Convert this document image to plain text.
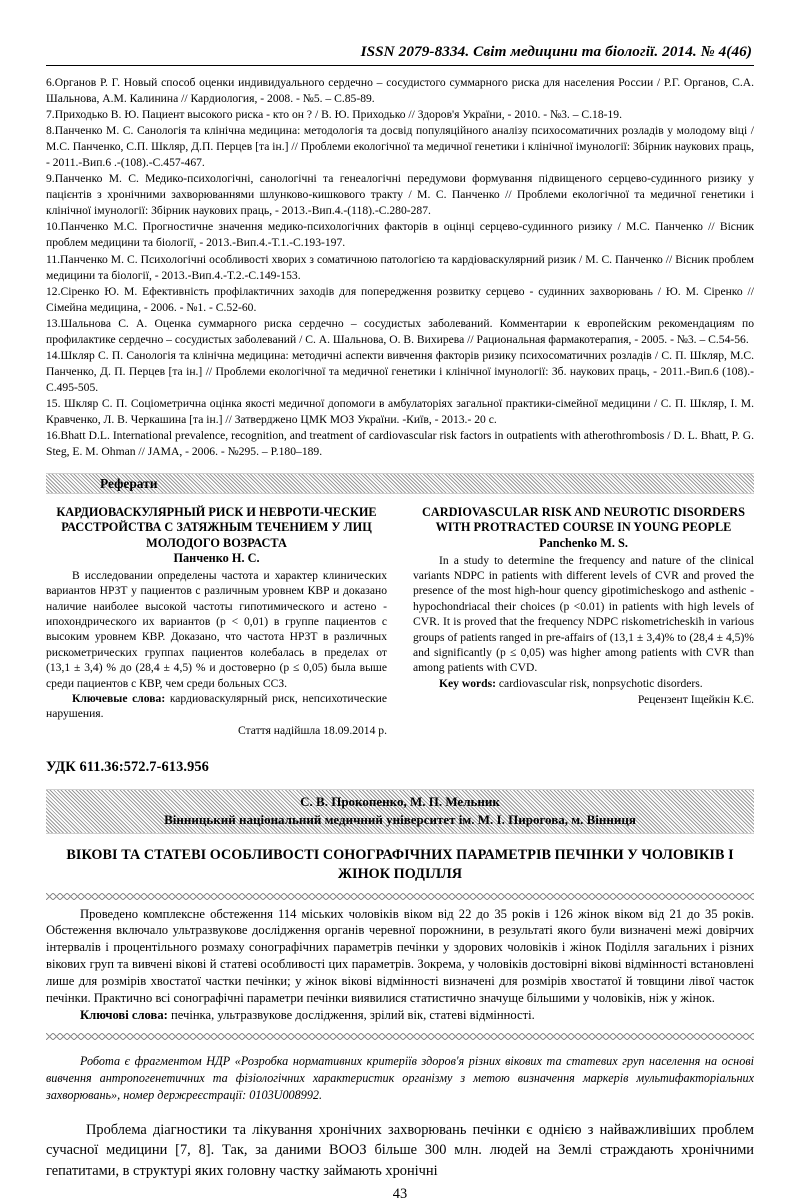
ISSN 2079-8334. Світ медицини та біології. 2014. № 4(46)

6.Органов Р. Г. Новый способ оценки индивидуального сердечно – сосудистого суммарного риска для населения России / Р.Г. Органов, С.А. Шальнова, А.М. Калинина // Кардиология, - 2008. - №5. – С.85-89.

7.Приходько В. Ю. Пациент высокого риска - кто он ? / В. Ю. Приходько // Здоров'я України, - 2010. - №3. – С.18-19.

8.Панченко М. С. Санологія та клінічна медицина: методологія та досвід популяційного аналізу психосоматичних розладів у молодому віці / М.С. Панченко, С.П. Шкляр, Д.П. Перцев [та ін.] // Проблеми екологічної та медичної генетики і клінічної імунології: Збірник наукових праць, - 2011.-Вип.6 .-(108).-С.457-467.

9.Панченко М. С. Медико-психологічні, санологічні та генеалогічні передумови формування підвищеного серцево-судинного ризику у пацієнтів з хронічними захворюваннями шлунково-кишкового тракту / М. С. Панченко // Проблеми екологічної та медичної генетики і клінічної імунології: Збірник наукових праць, - 2013.-Вип.4.-(118).-С.280-287.

10.Панченко М.С. Прогностичне значення медико-психологічних факторів в оцінці серцево-судинного ризику / М.С. Панченко // Вісник проблем медицини та біології, - 2013.-Вип.4.-Т.1.-С.193-197.

11.Панченко М. С. Психологічні особливості хворих з соматичною патологією та кардіоваскулярний ризик / М. С. Панченко // Вісник проблем медицини та біології, - 2013.-Вип.4.-Т.2.-С.149-153.

12.Сіренко Ю. М. Ефективність профілактичних заходів для попередження розвитку серцево - судинних захворювань / Ю. М. Сіренко // Сімейна медицина, - 2006. - №1. - С.52-60.

13.Шальнова С. А. Оценка суммарного риска сердечно – сосудистых заболеваний. Комментарии к европейским рекомендациям по профилактике сердечно – сосудистых заболеваний / С. А. Шальнова, О. В. Вихирева // Рациональная фармакотерапия, - 2005. - №3. – С.54-56.

14.Шкляр С. П. Санологія та клінічна медицина: методичні аспекти вивчення факторів ризику психосоматичних розладів / С. П. Шкляр, М.С. Панченко, Д. П. Перцев [та ін.] // Проблеми екологічної та медичної генетики і клінічної імунології: Зб. наукових праць, - 2011.-Вип.6 (108).-С.495-505.

15. Шкляр С. П. Соціометрична оцінка якості медичної допомоги в амбулаторіях загальної практики-сімейної медицини / С. П. Шкляр, І. М. Кравченко, Л. В. Черкашина [та ін.] // Затверджено ЦМК МОЗ України. -Київ, - 2013.- 20 с.

16.Bhatt D.L. International prevalence, recognition, and treatment of cardiovascular risk factors in outpatients with atherothrombosis / D. L. Bhatt, P. G. Steg, E. M. Ohman // JAMA, - 2006. - №295. – P.180–189.

Реферати

КАРДИОВАСКУЛЯРНЫЙ РИСК И НЕВРОТИ-ЧЕСКИЕ РАССТРОЙСТВА С ЗАТЯЖНЫМ ТЕЧЕНИЕМ У ЛИЦ МОЛОДОГО ВОЗРАСТА

Панченко Н. С.

В исследовании определены частота и характер клинических вариантов НРЗТ у пациентов с различным уровнем КВР и доказано наличие наиболее высокой частоты гипотимического и астено - ипохондрического их вариантов (р < 0,01) в группе пациентов с высоким уровнем КВР. Доказано, что частота НРЗТ в различных рискометрических группах пациентов колебалась в пределах от (13,1 ± 3,4) % до (28,4 ± 4,5) % и достоверно (р ≤ 0,05) была выше среди пациентов с КВР, чем среди больных ССЗ.

Ключевые слова: кардиоваскулярный риск, непсихотические нарушения.

Стаття надійшла 18.09.2014 р.

CARDIOVASCULAR RISK AND NEUROTIC DISORDERS WITH PROTRACTED COURSE IN YOUNG PEOPLE

Panchenko M. S.

In a study to determine the frequency and nature of the clinical variants NDPC in patients with different levels of CVR and proved the presence of the most high-hour quency gipotimicheskogo and asthenic - hypochondriacal their choices (p <0.01) in patients with high levels of CVR. It is proved that the frequency NDPC riskometricheskih in various groups of patients ranged in pre-affairs of (13,1 ± 3,4)% to (28,4 ± 4,5)% and significantly (p ≤ 0,05) was higher among patients with CVR than among patients with CVD.

Key words: cardiovascular risk, nonpsychotic disorders.

Рецензент Іщейкін К.Є.

УДК 611.36:572.7-613.956
С. В. Прокопенко, М. П. Мельник
Вінницький національний медичний університет ім. М. І. Пирогова, м. Вінниця
ВІКОВІ ТА СТАТЕВІ ОСОБЛИВОСТІ СОНОГРАФІЧНИХ ПАРАМЕТРІВ ПЕЧІНКИ У ЧОЛОВІКІВ І ЖІНОК ПОДІЛЛЯ

Проведено комплексне обстеження 114 міських чоловіків віком від 22 до 35 років і 126 жінок віком від 21 до 35 років. Обстеження включало ультразвукове дослідження органів черевної порожнини, в результаті якого були визначені межі довірчих інтервалів і процентільного розмаху сонографічних параметрів печінки у здорових чоловіків і жінок Поділля загальних і різних вікових груп та вивчені вікові й статеві особливості цих параметрів. Зокрема, у чоловіків достовірні вікові відмінності встановлені лише для розмірів хвостатої частки печінки; у жінок вікові відмінності визначені для розмірів хвостатої й товщини лівої часток печінки. Практично всі сонографічні параметри печінки виявилися статистично значуще більшими у чоловіків, ніж у жінок.

Ключові слова: печінка, ультразвукове дослідження, зрілий вік, статеві відмінності.

Робота є фрагментом НДР «Розробка нормативних критеріїв здоров'я різних вікових та статевих груп населення на основі вивчення антропогенетичних та фізіологічних характеристик організму з метою визначення маркерів мультифакторіальних захворювань», номер держреєстрації: 0103U008992.

Проблема діагностики та лікування хронічних захворювань печінки є однією з найважливіших проблем сучасної медицини [7, 8]. Так, за даними ВООЗ більше 300 млн. людей на Землі страждають хронічними гепатитами, в структурі яких головну частку займають хронічні

43
